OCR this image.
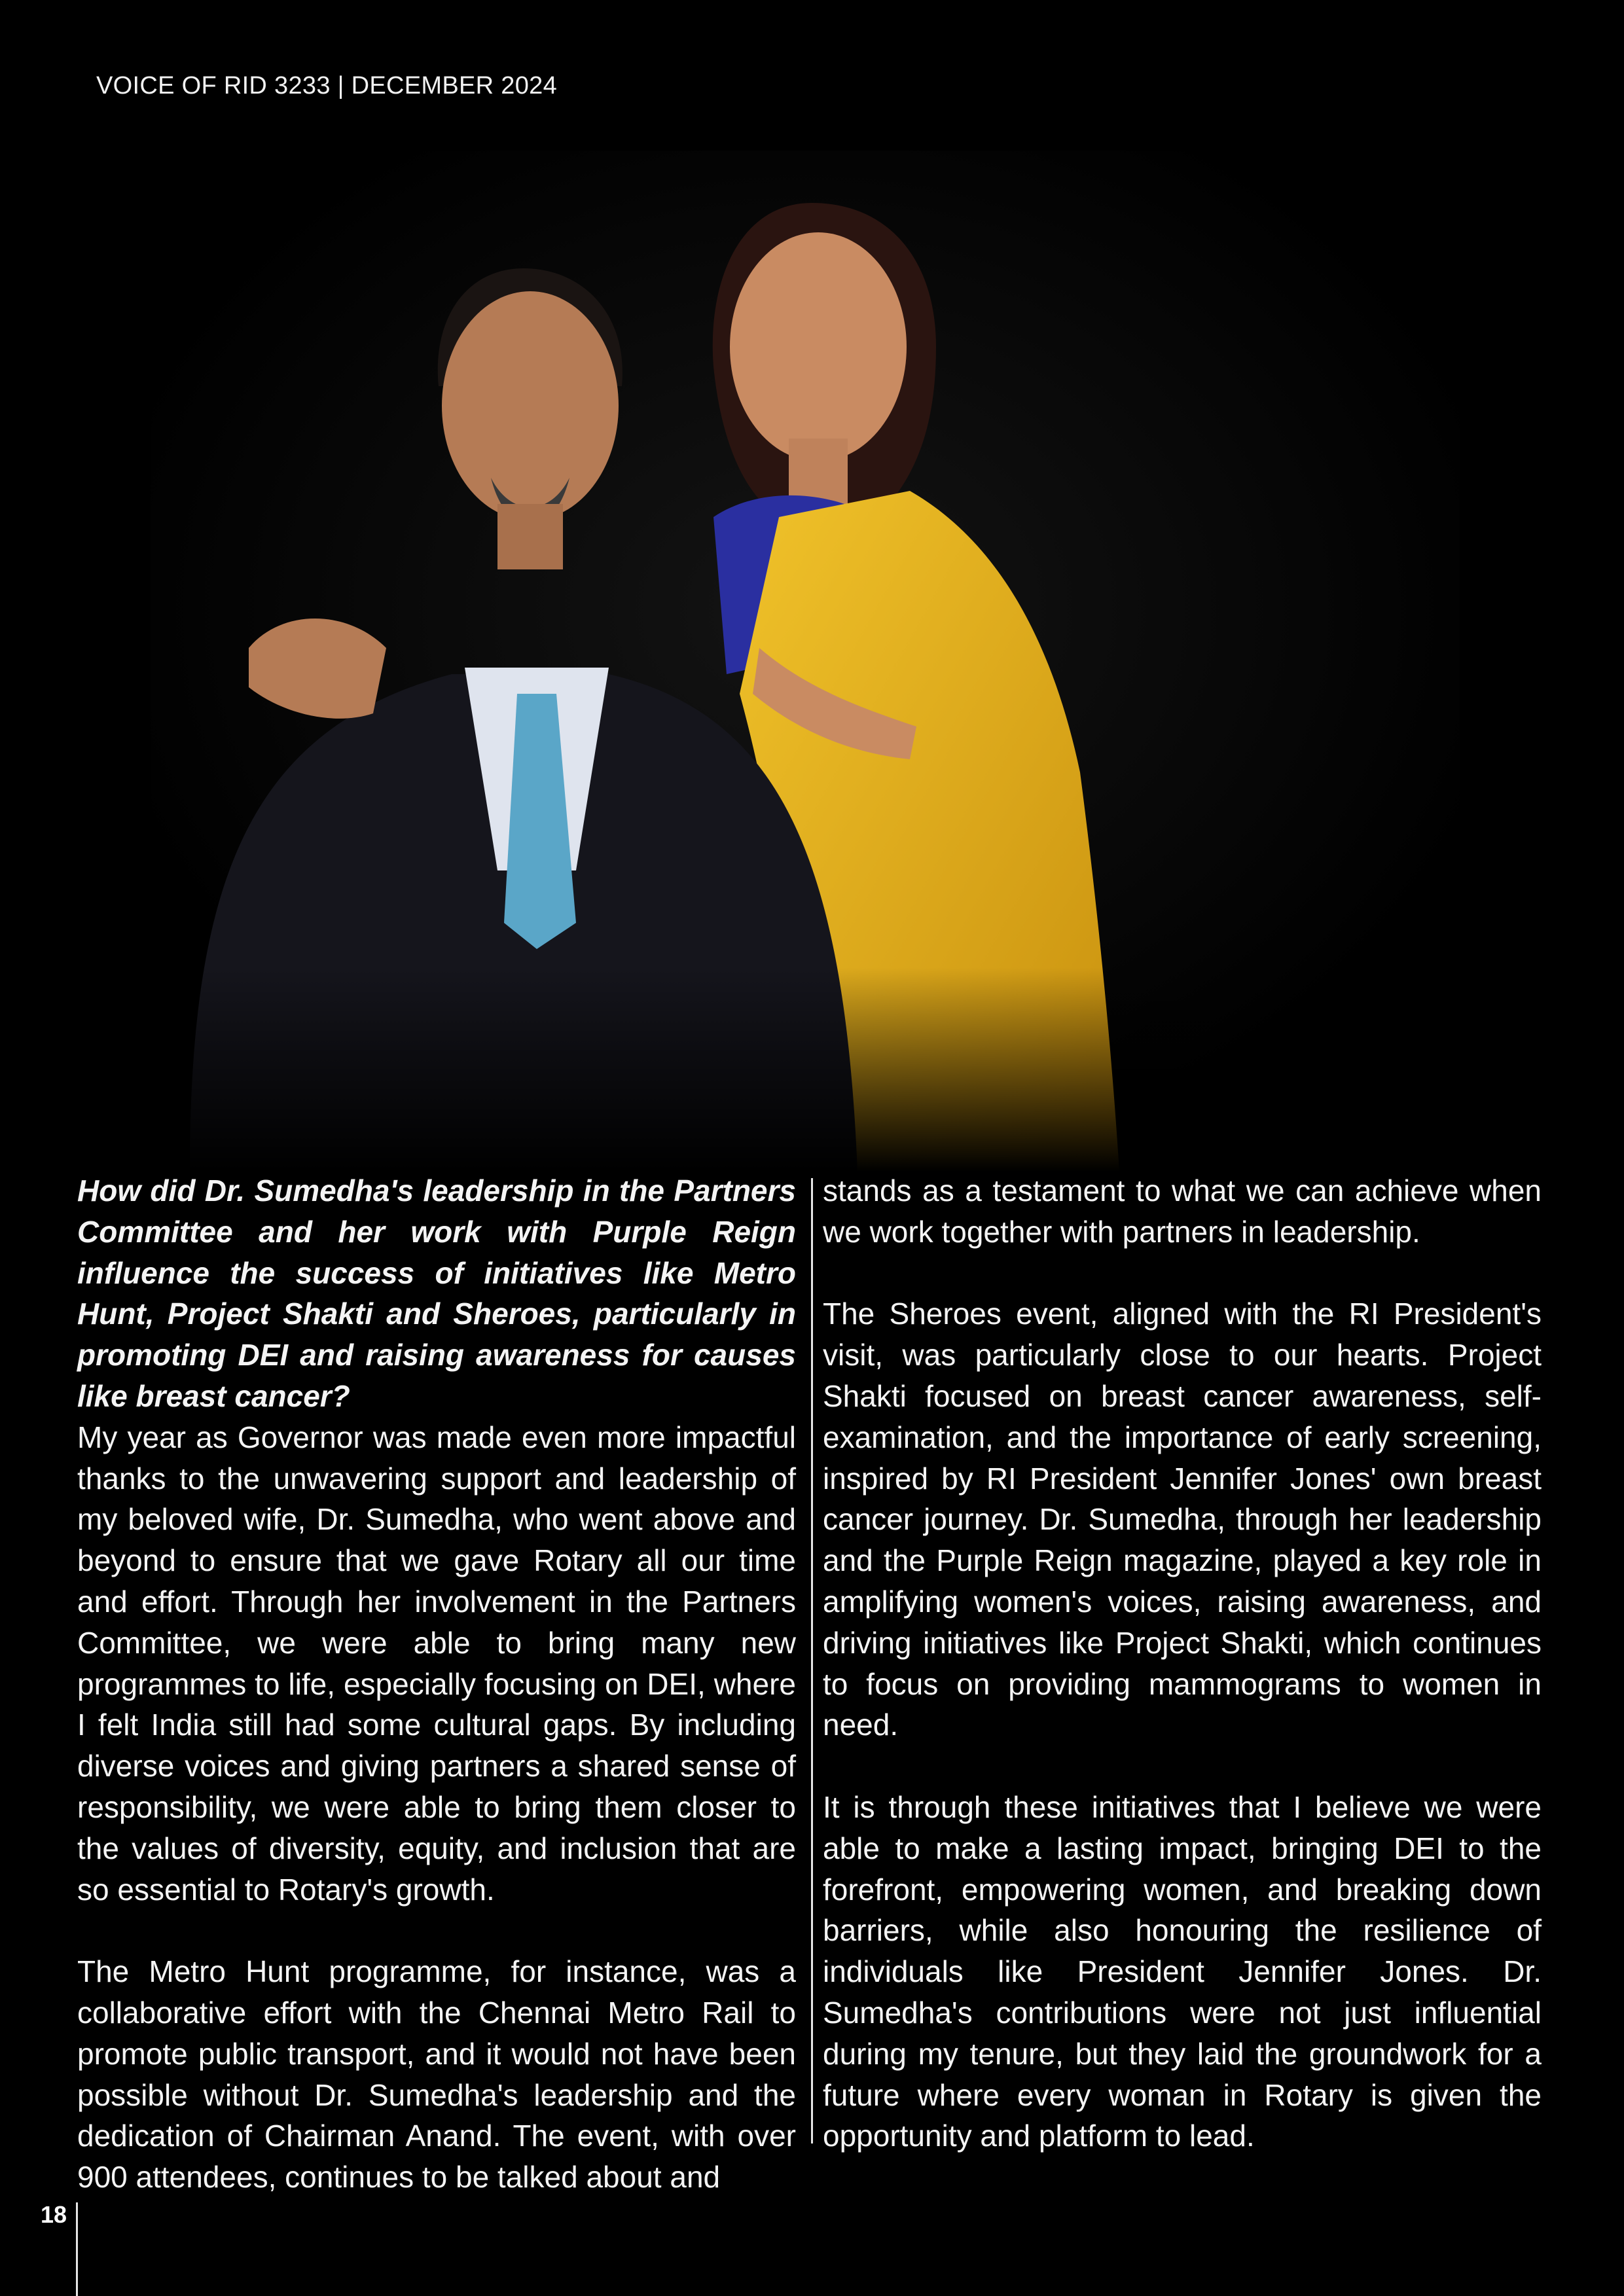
VOICE OF RID 3233 | DECEMBER 2024

How did Dr. Sumedha's leadership in the Partners Committee and her work with Purple Reign influence the success of initiatives like Metro Hunt, Project Shakti and Sheroes, particularly in promoting DEI and raising awareness for causes like breast cancer?

My year as Governor was made even more impactful thanks to the unwavering support and leadership of my beloved wife, Dr. Sumedha, who went above and beyond to ensure that we gave Rotary all our time and effort. Through her involvement in the Partners Committee, we were able to bring many new programmes to life, especially focusing on DEI, where I felt India still had some cultural gaps. By including diverse voices and giving partners a shared sense of responsibility, we were able to bring them closer to the values of diversity, equity, and inclusion that are so essential to Rotary's growth.

The Metro Hunt programme, for instance, was a collaborative effort with the Chennai Metro Rail to promote public transport, and it would not have been possible without Dr. Sumedha's leadership and the dedication of Chairman Anand. The event, with over 900 attendees, continues to be talked about and

stands as a testament to what we can achieve when we work together with partners in leadership.

The Sheroes event, aligned with the RI President's visit, was particularly close to our hearts. Project Shakti focused on breast cancer awareness, self-examination, and the importance of early screening, inspired by RI President Jennifer Jones' own breast cancer journey. Dr. Sumedha, through her leadership and the Purple Reign magazine, played a key role in amplifying women's voices, raising awareness, and driving initiatives like Project Shakti, which continues to focus on providing mammograms to women in need.

It is through these initiatives that I believe we were able to make a lasting impact, bringing DEI to the forefront, empowering women, and breaking down barriers, while also honouring the resilience of individuals like President Jennifer Jones. Dr. Sumedha's contributions were not just influential during my tenure, but they laid the groundwork for a future where every woman in Rotary is given the opportunity and platform to lead.

18
